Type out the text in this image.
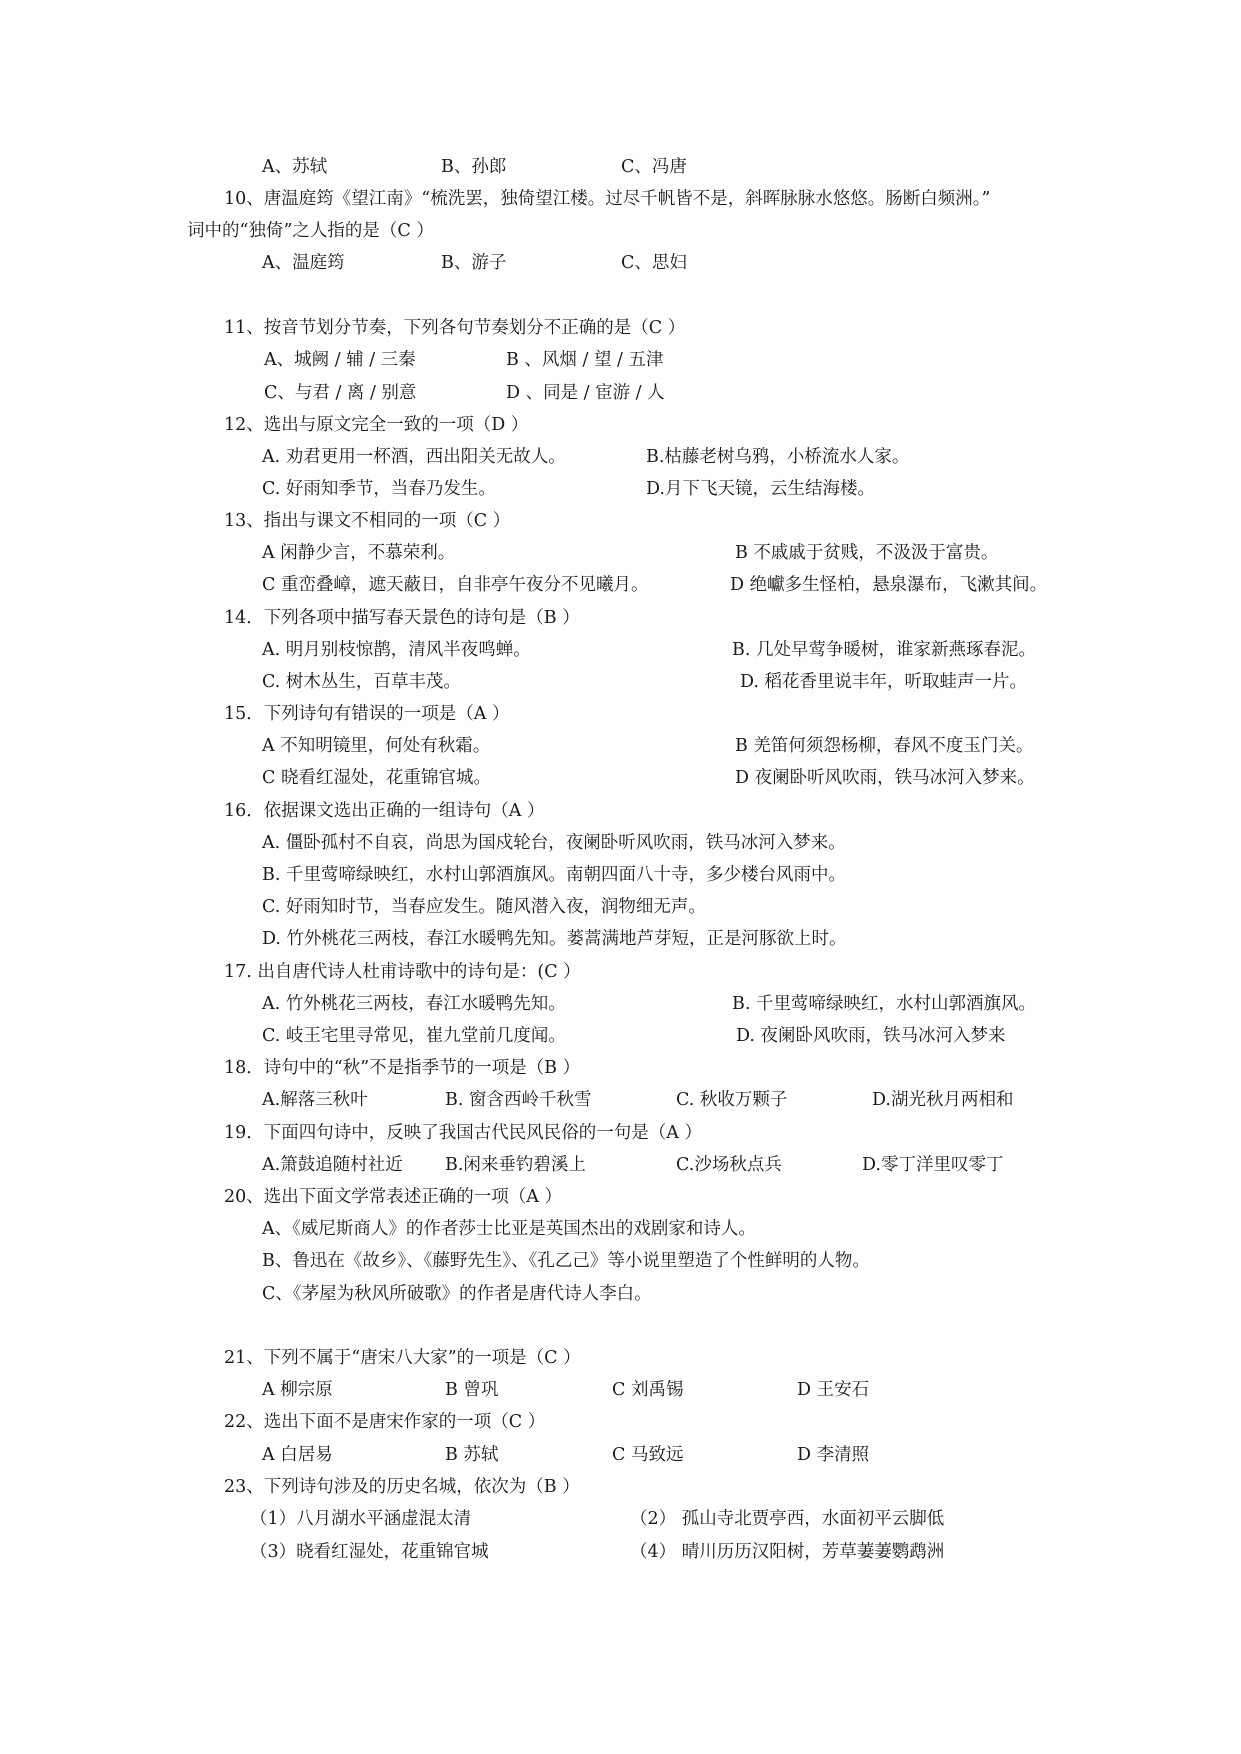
A、苏轼	B、孙郎	C、冯唐
10、唐温庭筠《望江南》“梳洗罢，独倚望江楼。过尽千帆皆不是，斜晖脉脉水悠悠。肠断白频洲。”
词中的“独倚”之人指的是（C ）
A、温庭筠	B、游子	C、思妇
11、按音节划分节奏，下列各句节奏划分不正确的是（C ）
A、城阙 / 辅 / 三秦	B 、风烟 / 望 / 五津
C、与君 / 离 / 别意	D 、同是 / 宦游 / 人
12、选出与原文完全一致的一项（D ）
A. 劝君更用一杯酒，西出阳关无故人。	B.枯藤老树乌鸦，小桥流水人家。
C. 好雨知季节，当春乃发生。	D.月下飞天镜，云生结海楼。
13、指出与课文不相同的一项（C ）
A 闲静少言，不慕荣利。	B 不戚戚于贫贱，不汲汲于富贵。
C 重峦叠嶂，遮天蔽日，自非亭午夜分不见曦月。	D 绝巘多生怪柏，悬泉瀑布，飞漱其间。
14．下列各项中描写春天景色的诗句是（B ）
A. 明月别枝惊鹊，清风半夜鸣蝉。	B. 几处早莺争暖树，谁家新燕琢春泥。
C. 树木丛生，百草丰茂。	D. 稻花香里说丰年，听取蛙声一片。
15．下列诗句有错误的一项是（A ）
A 不知明镜里，何处有秋霜。	B 羌笛何须怨杨柳，春风不度玉门关。
C 晓看红湿处，花重锦官城。	D 夜阑卧听风吹雨，铁马冰河入梦来。
16．依据课文选出正确的一组诗句（A ）
A. 僵卧孤村不自哀，尚思为国戍轮台，夜阑卧听风吹雨，铁马冰河入梦来。
B. 千里莺啼绿映红，水村山郭酒旗风。南朝四面八十寺，多少楼台风雨中。
C. 好雨知时节，当春应发生。随风潜入夜，润物细无声。
D. 竹外桃花三两枝，春江水暖鸭先知。蒌蒿满地芦芽短，正是河豚欲上时。
17. 出自唐代诗人杜甫诗歌中的诗句是：(C ）
A. 竹外桃花三两枝，春江水暖鸭先知。	B. 千里莺啼绿映红，水村山郭酒旗风。
C. 岐王宅里寻常见，崔九堂前几度闻。	D. 夜阑卧风吹雨，铁马冰河入梦来
18．诗句中的“秋”不是指季节的一项是（B ）
A.解落三秋叶	B. 窗含西岭千秋雪	C. 秋收万颗子	D.湖光秋月两相和
19．下面四句诗中，反映了我国古代民风民俗的一句是（A ）
A.箫鼓追随村社近 B.闲来垂钓碧溪上	C.沙场秋点兵	D.零丁洋里叹零丁
20、选出下面文学常表述正确的一项（A ）
A、《威尼斯商人》的作者莎士比亚是英国杰出的戏剧家和诗人。
B、鲁迅在《故乡》、《藤野先生》、《孔乙己》等小说里塑造了个性鲜明的人物。
C、《茅屋为秋风所破歌》的作者是唐代诗人李白。
21、下列不属于“唐宋八大家”的一项是（C ）
A 柳宗原	B 曾巩	C 刘禹锡	D 王安石
22、选出下面不是唐宋作家的一项（C ）
A 白居易	B 苏轼	C 马致远	D 李清照
23、下列诗句涉及的历史名城，依次为（B ）
（1）八月湖水平涵虚混太清	（2） 孤山寺北贾亭西，水面初平云脚低
（3）晓看红湿处，花重锦官城	（4） 晴川历历汉阳树，芳草萋萋鹦鹉洲
